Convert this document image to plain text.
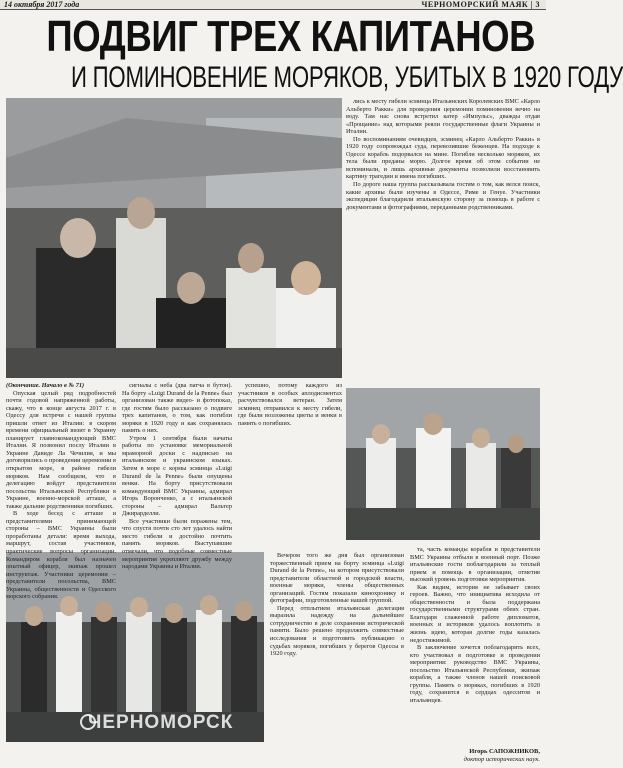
14 октября 2017 года	ЧЕРНОМОРСКИЙ МАЯК | 3
ПОДВИГ ТРЕХ КАПИТАНОВ
И ПОМИНОВЕНИЕ МОРЯКОВ, УБИТЫХ В 1920 ГОДУ
ЧЕРНОМОРСК

(Окончание. Начало в № 71)

Опуская целый ряд подробностей почти годовой напряженной работы, скажу, что в конце августа 2017 г. в Одессу для встречи с нашей группы пришли ответ из Италии: в скором времени официальный визит в Украину планирует главнокомандующий ВМС Италии. Я позвонил послу Италии в Украине Давиде Ла Чечилия, и мы договорились о проведении церемонии в открытом море, в районе гибели моряков. Нам сообщили, что в делегацию войдут представители посольства Итальянской Республики в Украине, военно-морской атташе, а также дальние родственники погибших.

В ходе бесед с атташе и представителями принимающей стороны – ВМС Украины были проработаны детали: время выхода, маршрут, состав участников, практические вопросы организации. Командиром корабля был назначен опытный офицер, экипаж прошел инструктаж. Участники церемонии – представители посольства, ВМС Украины, общественности и Одесского морского собрания.

сигналы с неба (два патча в бутон). На борту «Luigi Durand de la Penne» был организован также видео- и фотопоказ, где гостям было рассказано о подвиге трех капитанов, о том, как погибли моряки в 1920 году и как сохранялась память о них.

Утром 1 сентября были начаты работы по установке мемориальной мраморной доски с надписью на итальянском и украинском языках. Затем в море с кормы эсминца «Luigi Durand de la Penne» были опущены венки. На борту присутствовали командующий ВМС Украины, адмирал Игорь Воронченко, а с итальянской стороны – адмирал Вальтер Джирарделли.

Все участники были поражены тем, что спустя почти сто лет удалось найти место гибели и достойно почтить память моряков. Выступавшие отмечали, что подобные совместные мероприятия укрепляют дружбу между народами Украины и Италии.

лись к месту гибели эсминца Итальянских Королевских ВМС «Карло Альберто Ракки» для проведения церемонии поминовения вечно на воду. Там нас снова встретил катер «Импульс», дважды отдав «Прощание» над которыми реяли государственные флаги Украины и Италии.

По воспоминаниям очевидцев, эсминец «Карло Альберто Ракки» в 1920 году сопровождал суда, перевозившие беженцев. На подходе к Одессе корабль подорвался на мине. Погибли несколько моряков, их тела были преданы морю. Долгое время об этом событии не вспоминали, и лишь архивные документы позволили восстановить картину трагедии и имена погибших.

По дороге наша группа рассказывала гостям о том, как велся поиск, какие архивы были изучены в Одессе, Риме и Генуе. Участники экспедиции благодарили итальянскую сторону за помощь в работе с документами и фотографиями, переданными родственниками.

успешно, потому каждого из участников в особых аплодисментах расчувствовался ветеран. Затем эсминец отправился к месту гибели, где были возложены цветы и венки в память о погибших.

Вечером того же дня был организован торжественный прием на борту эсминца «Luigi Durand de la Penne», на котором присутствовали представители областной и городской власти, военные моряки, члены общественных организаций. Гостям показали кинохронику и фотографии, подготовленные нашей группой.

Перед отплытием итальянская делегация выразила надежду на дальнейшее сотрудничество в деле сохранения исторической памяти. Было решено продолжить совместные исследования и подготовить публикацию о судьбах моряков, погибших у берегов Одессы в 1920 году.

та, часть команды корабля и представители ВМС Украины отбыли в военный порт. Позже итальянские гости поблагодарили за теплый прием и помощь в организации, отметив высокий уровень подготовки мероприятия.

Как видим, история не забывает своих героев. Важно, что инициатива исходила от общественности и была поддержана государственными структурами обеих стран. Благодаря слаженной работе дипломатов, военных и историков удалось воплотить в жизнь идею, которая долгие годы казалась недостижимой.

В заключение хочется поблагодарить всех, кто участвовал в подготовке и проведении мероприятия: руководство ВМС Украины, посольство Итальянской Республики, экипаж корабля, а также членов нашей поисковой группы. Память о моряках, погибших в 1920 году, сохранится в сердцах одесситов и итальянцев.

Игорь САПОЖНИКОВ,
доктор исторических наук.
